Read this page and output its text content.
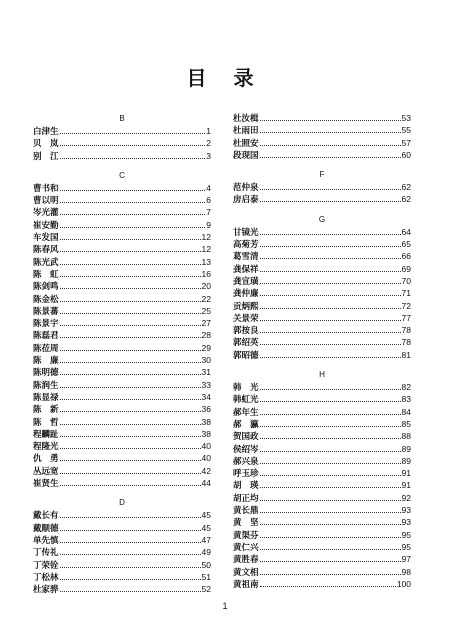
目 录
B
白津生	1
贝　岚	2
别　江	3
C
曹书和	4
曹以明	6
岑光灌	7
崔安勤	9
车发国	12
陈春风	12
陈光武	13
陈　虹	16
陈剑鸣	20
陈金松	22
陈景蕃	25
陈景宇	27
陈磊君	28
陈莅周	29
陈　廉	30
陈明德	31
陈润生	33
陈显禄	34
陈　新	36
陈　哲	38
程麟趾	38
程隆光	40
仇　勇	40
丛远宽	42
崔贤生	44
D
戴长有	45
戴顺德	45
单先慎	47
丁传礼	49
丁荣铨	50
丁松林	51
杜家骅	52
杜汝楫	53
杜雨田	55
杜照安	57
段现国	60
F
范仲泉	62
房启泰	62
G
甘镜光	64
高菊芳	65
葛雪清	66
龚保祥	69
龚宣璜	70
龚仲廉	71
贡炳熙	72
关景荣	77
郭按良	78
郭绍英	78
郭昭德	81
H
韩　光	82
韩虹光	83
郝年生	84
郝　瀛	85
贺国政	88
侯绍岑	89
郝兴泉	89
呼玉珍	91
胡　瑛	91
胡正均	92
黄长鼎	93
黄　坚	93
黄渠芬	95
黄仁兴	95
黄胜春	97
黄文相	98
黄祖南	100
1
